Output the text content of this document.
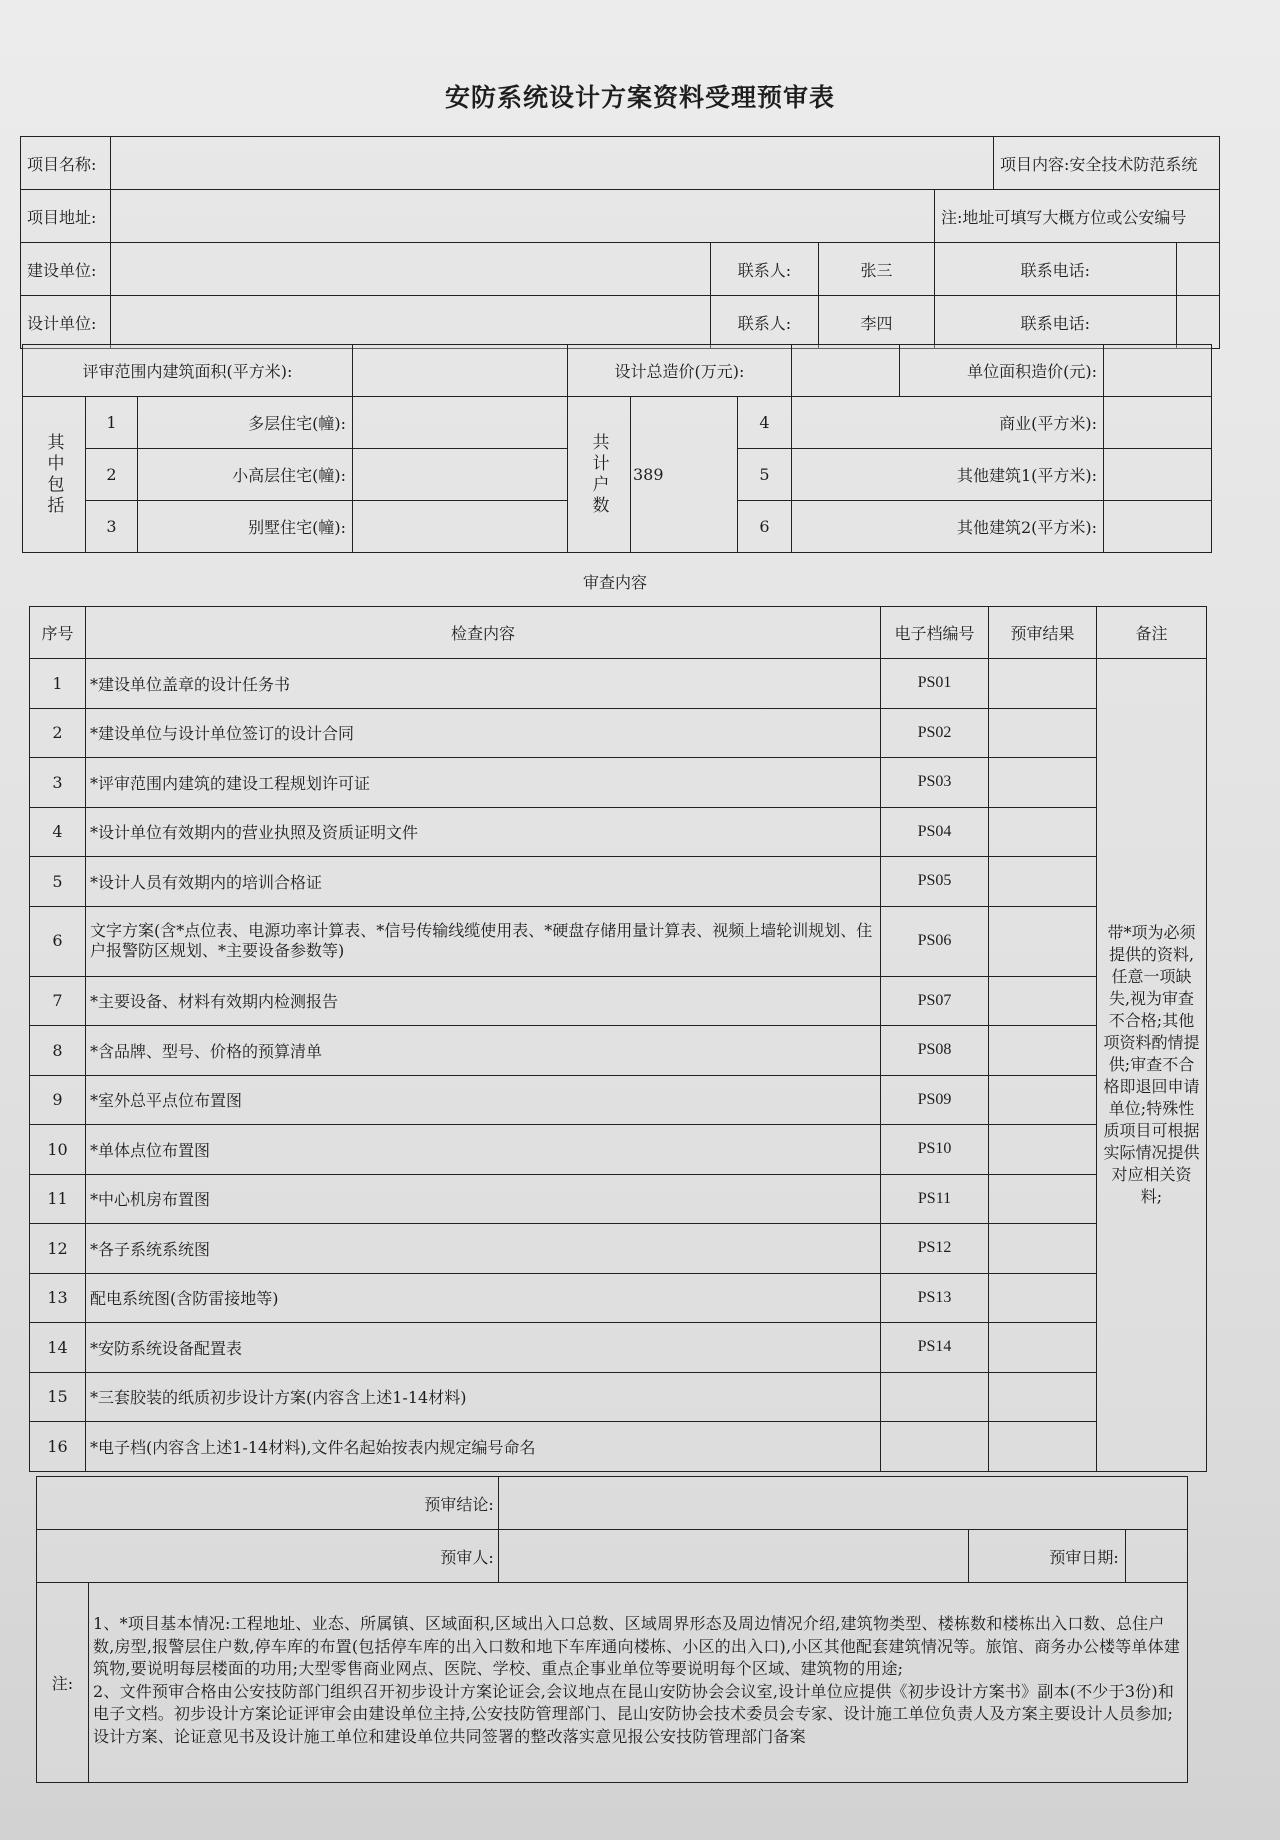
安防系统设计方案资料受理预审表
项目名称:					项目内容:安全技术防范系统	
项目地址:				注:地址可填写大概方位或公安编号		
建设单位:		联系人:	张三	联系电话:		
设计单位:		联系人:	李四	联系电话:		
评审范围内建筑面积(平方米):				设计总造价(万元):				单位面积造价(元):	

其中包括	1	多层住宅(幢):		共计户数	389	4	商业(平方米):		
	2	小高层住宅(幢):				5	其他建筑1(平方米):		
	3	别墅住宅(幢):				6	其他建筑2(平方米):		
审查内容
序号	检查内容	电子档编号	预审结果	备注
1	*建设单位盖章的设计任务书	PS01		带*项为必须提供的资料,任意一项缺失,视为审查不合格;其他项资料酌情提供;审查不合格即退回申请单位;特殊性质项目可根据实际情况提供对应相关资料;
2	*建设单位与设计单位签订的设计合同	PS02		
3	*评审范围内建筑的建设工程规划许可证	PS03		
4	*设计单位有效期内的营业执照及资质证明文件	PS04		
5	*设计人员有效期内的培训合格证	PS05		
6	文字方案(含*点位表、电源功率计算表、*信号传输线缆使用表、*硬盘存储用量计算表、视频上墙轮训规划、住户报警防区规划、*主要设备参数等)	PS06		
7	*主要设备、材料有效期内检测报告	PS07		
8	*含品牌、型号、价格的预算清单	PS08		
9	*室外总平点位布置图	PS09		
10	*单体点位布置图	PS10		
11	*中心机房布置图	PS11		
12	*各子系统系统图	PS12		
13	配电系统图(含防雷接地等)	PS13		
14	*安防系统设备配置表	PS14		
15	*三套胶装的纸质初步设计方案(内容含上述1-14材料)			
16	*电子档(内容含上述1-14材料),文件名起始按表内规定编号命名			
预审结论:				
预审人:			预审日期:	
注:	1、*项目基本情况:工程地址、业态、所属镇、区域面积,区域出入口总数、区域周界形态及周边情况介绍,建筑物类型、楼栋数和楼栋出入口数、总住户数,房型,报警层住户数,停车库的布置(包括停车库的出入口数和地下车库通向楼栋、小区的出入口),小区其他配套建筑情况等。旅馆、商务办公楼等单体建筑物,要说明每层楼面的功用;大型零售商业网点、医院、学校、重点企事业单位等要说明每个区域、建筑物的用途;
2、文件预审合格由公安技防部门组织召开初步设计方案论证会,会议地点在昆山安防协会会议室,设计单位应提供《初步设计方案书》副本(不少于3份)和电子文档。初步设计方案论证评审会由建设单位主持,公安技防管理部门、昆山安防协会技术委员会专家、设计施工单位负责人及方案主要设计人员参加;设计方案、论证意见书及设计施工单位和建设单位共同签署的整改落实意见报公安技防管理部门备案			
